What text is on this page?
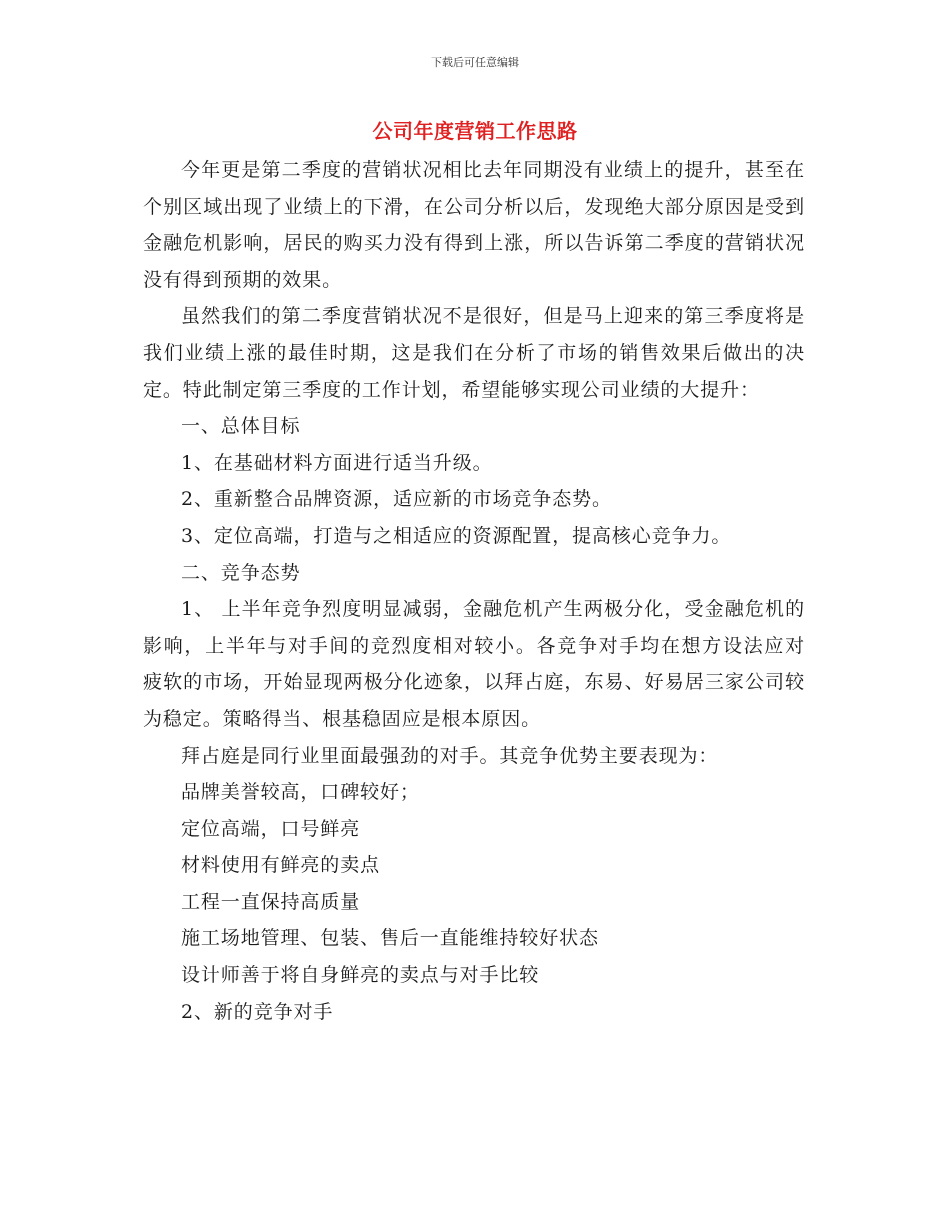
下载后可任意编辑
公司年度营销工作思路

今年更是第二季度的营销状况相比去年同期没有业绩上的提升，甚至在个别区域出现了业绩上的下滑，在公司分析以后，发现绝大部分原因是受到金融危机影响，居民的购买力没有得到上涨，所以告诉第二季度的营销状况没有得到预期的效果。

虽然我们的第二季度营销状况不是很好，但是马上迎来的第三季度将是我们业绩上涨的最佳时期，这是我们在分析了市场的销售效果后做出的决定。特此制定第三季度的工作计划，希望能够实现公司业绩的大提升：

一、总体目标

1、在基础材料方面进行适当升级。

2、重新整合品牌资源，适应新的市场竞争态势。

3、定位高端，打造与之相适应的资源配置，提高核心竞争力。

二、竞争态势

1、 上半年竞争烈度明显减弱，金融危机产生两极分化，受金融危机的影响，上半年与对手间的竞烈度相对较小。各竞争对手均在想方设法应对 疲软的市场，开始显现两极分化迹象，以拜占庭，东易、好易居三家公司较为稳定。策略得当、根基稳固应是根本原因。

拜占庭是同行业里面最强劲的对手。其竞争优势主要表现为：

品牌美誉较高，口碑较好；

定位高端，口号鲜亮

材料使用有鲜亮的卖点

工程一直保持高质量

施工场地管理、包装、售后一直能维持较好状态

设计师善于将自身鲜亮的卖点与对手比较

2、新的竞争对手
